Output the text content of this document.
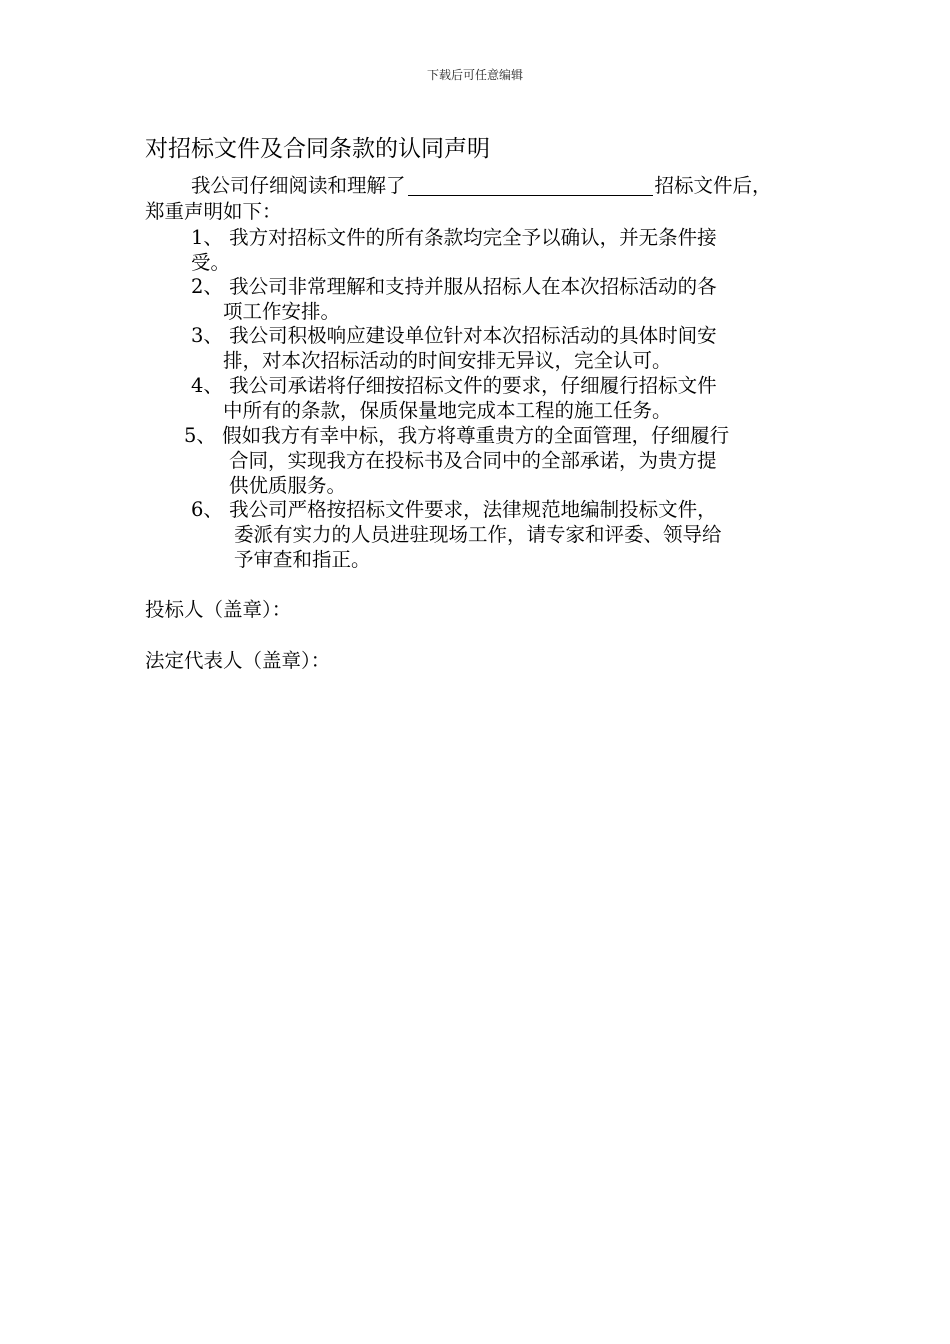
下载后可任意编辑
对招标文件及合同条款的认同声明
我公司仔细阅读和理解了	招标文件后，
郑重声明如下：
1、 我方对招标文件的所有条款均完全予以确认，并无条件接
受。
2、 我公司非常理解和支持并服从招标人在本次招标活动的各
项工作安排。
3、 我公司积极响应建设单位针对本次招标活动的具体时间安
排，对本次招标活动的时间安排无异议，完全认可。
4、 我公司承诺将仔细按招标文件的要求，仔细履行招标文件
中所有的条款，保质保量地完成本工程的施工任务。
5、 假如我方有幸中标，我方将尊重贵方的全面管理，仔细履行
合同，实现我方在投标书及合同中的全部承诺，为贵方提
供优质服务。
6、 我公司严格按招标文件要求，法律规范地编制投标文件，
委派有实力的人员进驻现场工作，请专家和评委、领导给
予审查和指正。
投标人（盖章）：
法定代表人（盖章）：
